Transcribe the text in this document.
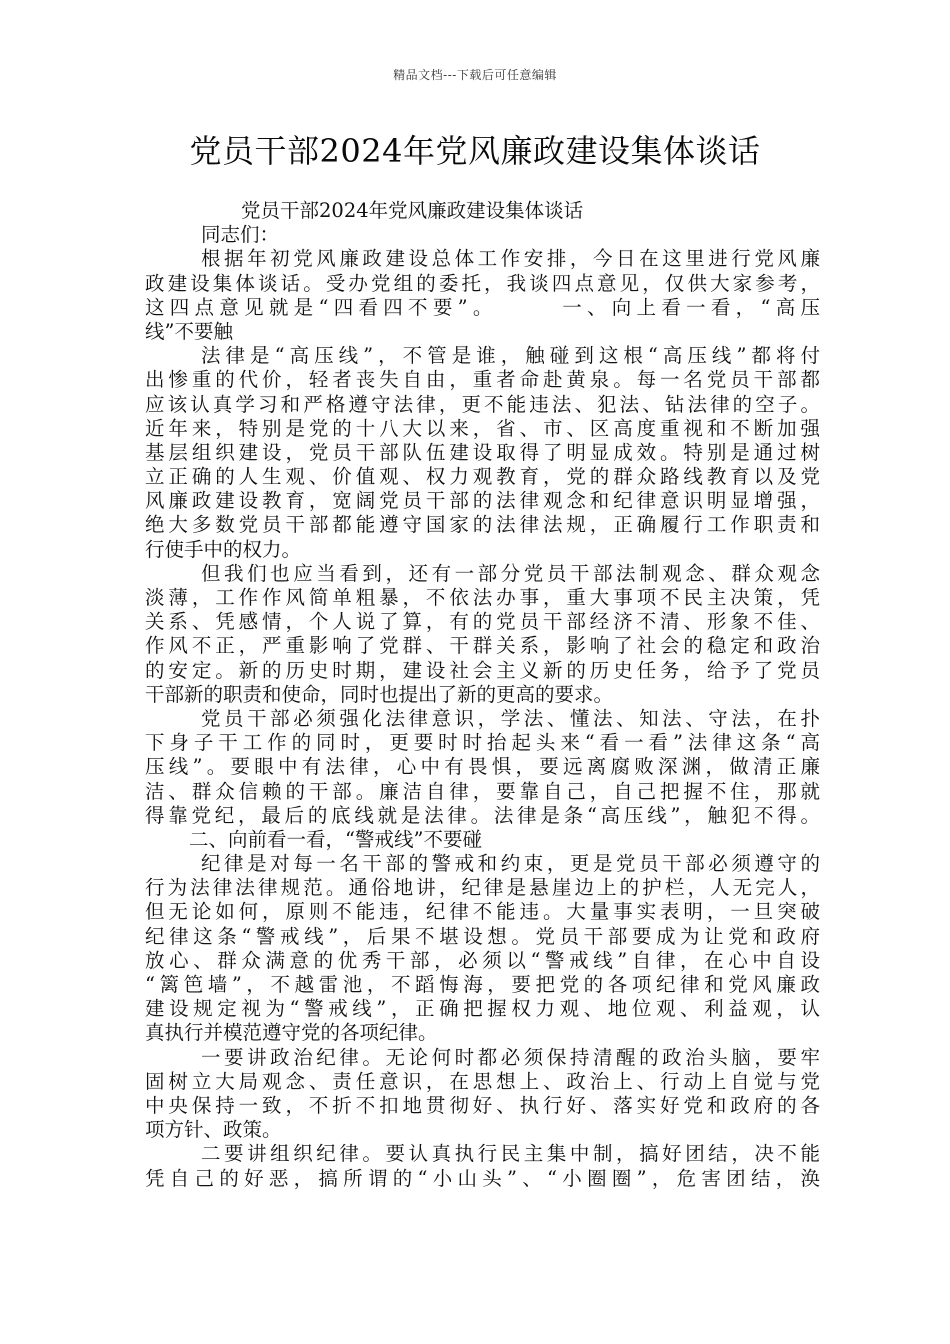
精品文档---下载后可任意编辑
党员干部2024年党风廉政建设集体谈话
党员干部2024年党风廉政建设集体谈话
同志们：
根据年初党风廉政建设总体工作安排，今日在这里进行党风廉
政建设集体谈话。受办党组的委托，我谈四点意见，仅供大家参考，
这四点意见就是“四看四不要”。　　　一、向上看一看，“高压
线”不要触
法律是“高压线”，不管是谁，触碰到这根“高压线”都将付
出惨重的代价，轻者丧失自由，重者命赴黄泉。每一名党员干部都
应该认真学习和严格遵守法律，更不能违法、犯法、钻法律的空子。
近年来，特别是党的十八大以来，省、市、区高度重视和不断加强
基层组织建设，党员干部队伍建设取得了明显成效。特别是通过树
立正确的人生观、价值观、权力观教育，党的群众路线教育以及党
风廉政建设教育，宽阔党员干部的法律观念和纪律意识明显增强，
绝大多数党员干部都能遵守国家的法律法规，正确履行工作职责和
行使手中的权力。
但我们也应当看到，还有一部分党员干部法制观念、群众观念
淡薄，工作作风简单粗暴，不依法办事，重大事项不民主决策，凭
关系、凭感情，个人说了算，有的党员干部经济不清、形象不佳、
作风不正，严重影响了党群、干群关系，影响了社会的稳定和政治
的安定。新的历史时期，建设社会主义新的历史任务，给予了党员
干部新的职责和使命，同时也提出了新的更高的要求。
党员干部必须强化法律意识，学法、懂法、知法、守法，在扑
下身子干工作的同时，更要时时抬起头来“看一看”法律这条“高
压线”。要眼中有法律，心中有畏惧，要远离腐败深渊，做清正廉
洁、群众信赖的干部。廉洁自律，要靠自己，自己把握不住，那就
得靠党纪，最后的底线就是法律。法律是条“高压线”，触犯不得。
二、向前看一看，“警戒线”不要碰
纪律是对每一名干部的警戒和约束，更是党员干部必须遵守的
行为法律法律规范。通俗地讲，纪律是悬崖边上的护栏，人无完人，
但无论如何，原则不能违，纪律不能违。大量事实表明，一旦突破
纪律这条“警戒线”，后果不堪设想。党员干部要成为让党和政府
放心、群众满意的优秀干部，必须以“警戒线”自律，在心中自设
“篱笆墙”，不越雷池，不蹈悔海，要把党的各项纪律和党风廉政
建设规定视为“警戒线”，正确把握权力观、地位观、利益观，认
真执行并模范遵守党的各项纪律。
一要讲政治纪律。无论何时都必须保持清醒的政治头脑，要牢
固树立大局观念、责任意识，在思想上、政治上、行动上自觉与党
中央保持一致，不折不扣地贯彻好、执行好、落实好党和政府的各
项方针、政策。
二要讲组织纪律。要认真执行民主集中制，搞好团结，决不能
凭自己的好恶，搞所谓的“小山头”、“小圈圈”，危害团结，涣
